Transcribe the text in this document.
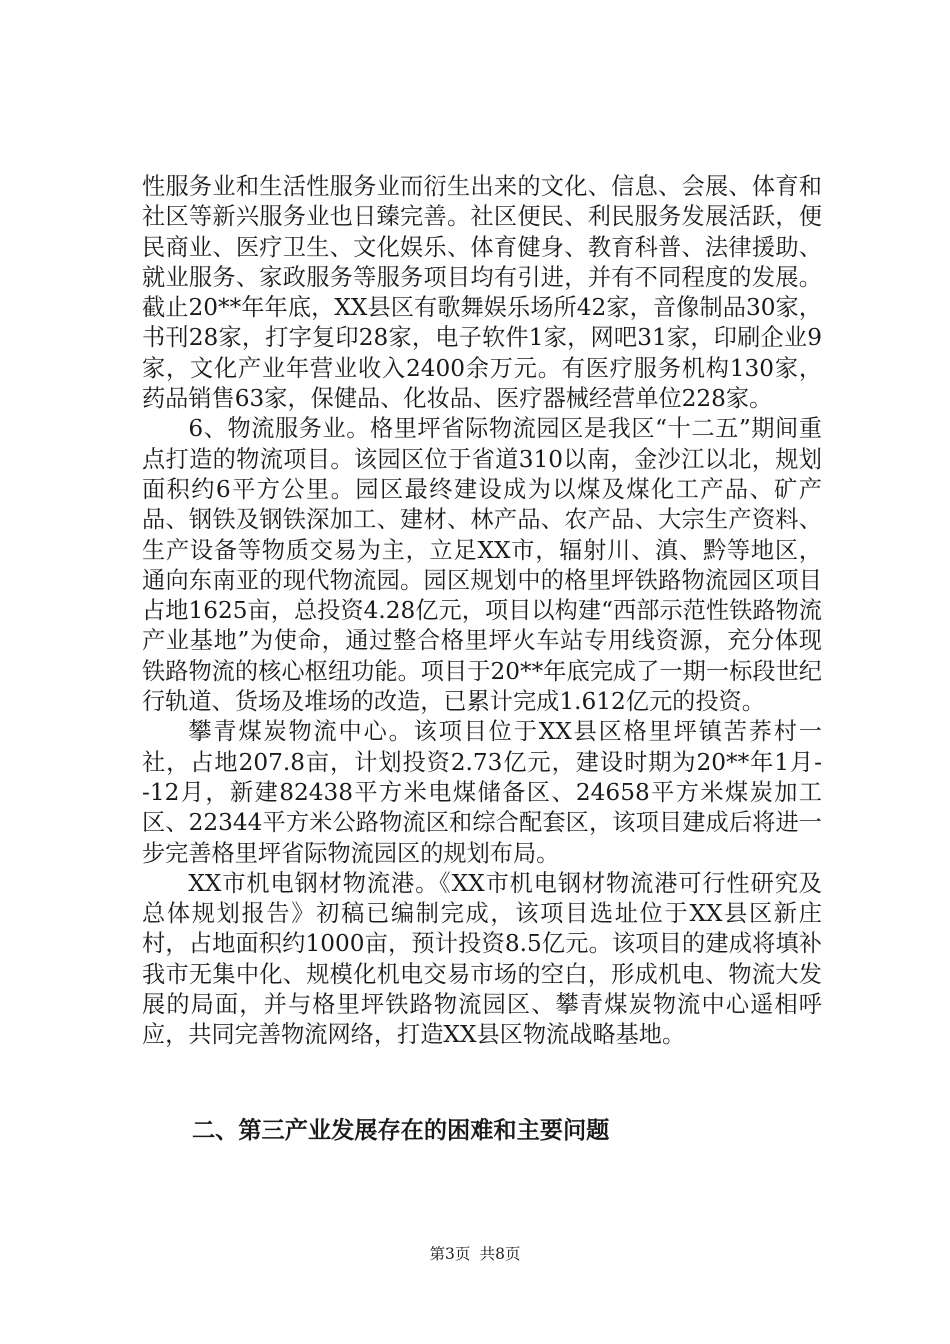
性服务业和生活性服务业而衍生出来的文化、信息、会展、体育和社区等新兴服务业也日臻完善。社区便民、利民服务发展活跃，便民商业、医疗卫生、文化娱乐、体育健身、教育科普、法律援助、就业服务、家政服务等服务项目均有引进，并有不同程度的发展。截止20**年年底，XX县区有歌舞娱乐场所42家，音像制品30家，书刊28家，打字复印28家，电子软件1家，网吧31家，印刷企业9家，文化产业年营业收入2400余万元。有医疗服务机构130家，药品销售63家，保健品、化妆品、医疗器械经营单位228家。

6、物流服务业。格里坪省际物流园区是我区“十二五”期间重点打造的物流项目。该园区位于省道310以南，金沙江以北，规划面积约6平方公里。园区最终建设成为以煤及煤化工产品、矿产品、钢铁及钢铁深加工、建材、林产品、农产品、大宗生产资料、生产设备等物质交易为主，立足XX市，辐射川、滇、黔等地区，通向东南亚的现代物流园。园区规划中的格里坪铁路物流园区项目占地1625亩，总投资4.28亿元，项目以构建“西部示范性铁路物流产业基地”为使命，通过整合格里坪火车站专用线资源，充分体现铁路物流的核心枢纽功能。项目于20**年底完成了一期一标段世纪行轨道、货场及堆场的改造，已累计完成1.612亿元的投资。

攀青煤炭物流中心。该项目位于XX县区格里坪镇苦荞村一社，占地207.8亩，计划投资2.73亿元，建设时期为20**年1月--12月，新建82438平方米电煤储备区、24658平方米煤炭加工区、22344平方米公路物流区和综合配套区，该项目建成后将进一步完善格里坪省际物流园区的规划布局。

XX市机电钢材物流港。《XX市机电钢材物流港可行性研究及总体规划报告》初稿已编制完成，该项目选址位于XX县区新庄村，占地面积约1000亩，预计投资8.5亿元。该项目的建成将填补我市无集中化、规模化机电交易市场的空白，形成机电、物流大发展的局面，并与格里坪铁路物流园区、攀青煤炭物流中心遥相呼应，共同完善物流网络，打造XX县区物流战略基地。

二、第三产业发展存在的困难和主要问题
第3页 共8页
